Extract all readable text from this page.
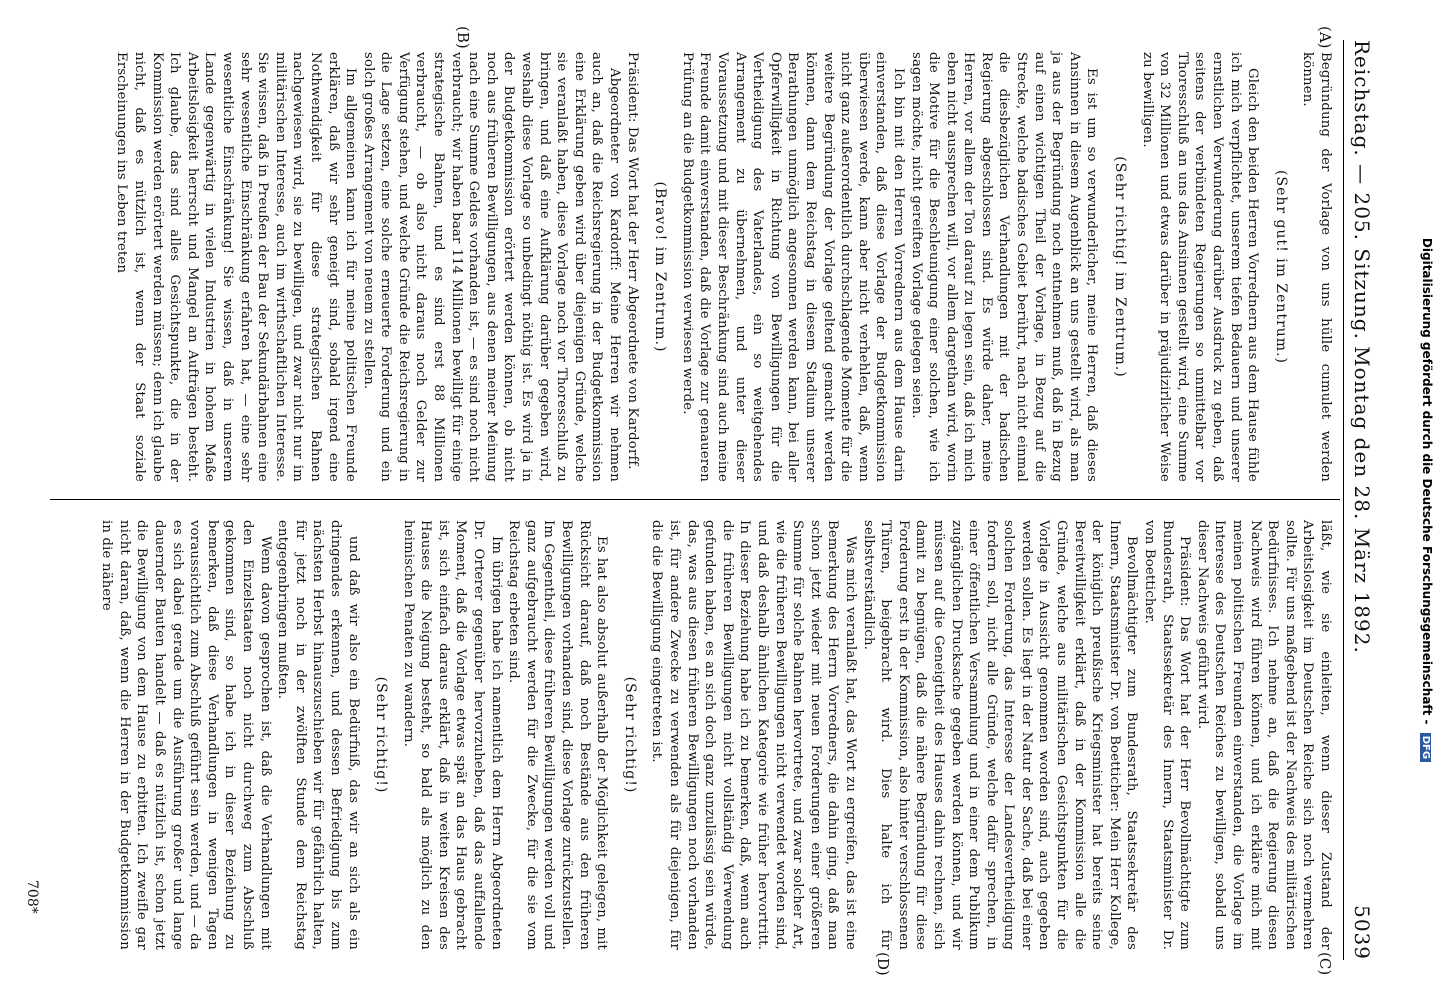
Digitalisierung gefördert durch die Deutsche Forschungsgemeinschaft - DFG
Reichstag. — 205. Sitzung.
Montag den 28. März 1892.
5039
(A)
(B)
(C)
(D)

Begründung der Vorlage von uns hülle cumulet werden können.

(Sehr gut! im Zentrum.)

Gleich den beiden Herren Vorrednern aus dem Hause fühle ich mich verpflichtet, unserem tiefen Bedauern und unserer ernstlichen Verwunderung darüber Ausdruck zu geben, daß seitens der verbündeten Regierungen so unmittelbar vor Thoresschluß an uns das Ansinnen gestellt wird, eine Summe von 32 Millionen und etwas darüber in präjudizirlicher Weise zu bewilligen.

(Sehr richtig! im Zentrum.)

Es ist um so verwunderlicher, meine Herren, daß dieses Ansinnen in diesem Augenblick an uns gestellt wird, als man ja aus der Begründung noch entnehmen muß, daß in Bezug auf einen wichtigen Theil der Vorlage, in Bezug auf die Strecke, welche badisches Gebiet berührt, nach nicht einmal die diesbezüglichen Verhandlungen mit der badischen Regierung abgeschlossen sind. Es würde daher, meine Herren, vor allem der Ton darauf zu legen sein, daß ich mich eben nicht aussprechen will, vor allem dargethan wird, worin die Motive für die Beschleunigung einer solchen, wie ich sagen möchte, nicht gereiften Vorlage gelegen seien.

Ich bin mit den Herren Vorrednern aus dem Hause darin einverstanden, daß diese Vorlage der Budgetkommission überwiesen werde, kann aber nicht verhehlen, daß, wenn nicht ganz außerordentlich durchschlagende Momente für die weitere Begründung der Vorlage geltend gemacht werden können, dann dem Reichstag in diesem Stadium unserer Berathungen unmöglich angesonnen werden kann, bei aller Opferwilligkeit in Richtung von Bewilligungen für die Vertheidigung des Vaterlandes, ein so weitgehendes Arrangement zu übernehmen, und unter dieser Voraussetzung und mit dieser Beschränkung sind auch meine Freunde damit einverstanden, daß die Vorlage zur genaueren Prüfung an die Budgetkommission verwiesen werde.

(Bravo! im Zentrum.)

Präsident: Das Wort hat der Herr Abgeordnete von Kardorff.

Abgeordneter von Kardorff: Meine Herren wir nehmen auch an, daß die Reichsregierung in der Budgetkommission eine Erklärung geben wird über diejenigen Gründe, welche sie veranlaßt haben, diese Vorlage noch vor Thoresschluß zu bringen, und daß eine Aufklärung darüber gegeben wird, weshalb diese Vorlage so unbedingt nöthig ist. Es wird ja in der Budgetkommission erörtert werden können, ob nicht noch aus früheren Bewilligungen, aus denen meiner Meinung nach eine Summe Geldes vorhanden ist, — es sind noch nicht verbraucht; wir haben baar 114 Millionen bewilligt für einige strategische Bahnen, und es sind erst 88 Millionen verbraucht, — ob also nicht daraus noch Gelder zur Verfügung stehen, und welche Gründe die Reichsregierung in die Lage setzen, eine solche erneuerte Forderung und ein solch großes Arrangement von neuem zu stellen.

Im allgemeinen kann ich für meine politischen Freunde erklären, daß wir sehr geneigt sind, sobald irgend eine Nothwendigkeit für diese strategischen Bahnen nachgewiesen wird, sie zu bewilligen, und zwar nicht nur im militärischen Interesse, auch im wirthschaftlichen Interesse. Sie wissen, daß in Preußen der Bau der Sekundärbahnen eine sehr wesentliche Einschränkung erfahren hat, — eine sehr wesentliche Einschränkung! Sie wissen, daß in unserem Lande gegenwärtig in vielen Industrien in hohem Maße Arbeitslosigkeit herrscht und Mangel an Aufträgen besteht. Ich glaube, das sind alles Gesichtspunkte, die in der Kommission werden erörtert werden müssen; denn ich glaube nicht, daß es nützlich ist, wenn der Staat soziale Erscheinungen ins Leben treten

läßt, wie sie einleiten, wenn dieser Zustand der Arbeitslosigkeit im Deutschen Reiche sich noch vermehren sollte. Für uns maßgebend ist der Nachweis des militärischen Bedürfnisses. Ich nehme an, daß die Regierung diesen Nachweis wird führen können, und ich erkläre mich mit meinen politischen Freunden einverstanden, die Vorlage im Interesse des Deutschen Reiches zu bewilligen, sobald uns dieser Nachweis geführt wird.

Präsident: Das Wort hat der Herr Bevollmächtigte zum Bundesrath, Staatssekretär des Innern, Staatsminister Dr. von Boetticher.

Bevollmächtigter zum Bundesrath, Staatssekretär des Innern, Staatsminister Dr. von Boetticher: Mein Herr Kollege, der königlich preußische Kriegsminister hat bereits seine Bereitwilligkeit erklärt, daß in der Kommission alle die Gründe, welche aus militärischen Gesichtspunkten für die Vorlage in Aussicht genommen worden sind, auch gegeben werden sollen. Es liegt in der Natur der Sache, daß bei einer solchen Forderung, das Interesse der Landesvertheidigung fordern soll, nicht alle Gründe, welche dafür sprechen, in einer öffentlichen Versammlung und in einer dem Publikum zugänglichen Drucksache gegeben werden können, und wir müssen auf die Geneigtheit des Hauses dahin rechnen, sich damit zu begnügen, daß die nähere Begründung für diese Forderung erst in der Kommission, also hinter verschlossenen Thüren, beigebracht wird. Dies halte ich für selbstverständlich.

Was mich veranlaßt hat, das Wort zu ergreifen, das ist eine Bemerkung des Herrn Vorredners, die dahin ging, daß man schon jetzt wieder mit neuen Forderungen einer größeren Summe für solche Bahnen hervortrete, und zwar solcher Art, wie die früheren Bewilligungen nicht verwendet worden sind, und daß deshalb ähnlichen Kategorie wie früher hervortritt. In dieser Beziehung habe ich zu bemerken, daß, wenn auch die früheren Bewilligungen nicht vollständig Verwendung gefunden haben, es an sich doch ganz unzulässig sein würde, das, was aus diesen früheren Bewilligungen noch vorhanden ist, für andere Zwecke zu verwenden als für diejenigen, für die die Bewilligung eingetreten ist.

(Sehr richtig!)

Es hat also absolut außerhalb der Möglichkeit gelegen, mit Rücksicht darauf, daß noch Bestände aus den früheren Bewilligungen vorhanden sind, diese Vorlage zurückzustellen. Im Gegentheil, diese früheren Bewilligungen werden voll und ganz aufgebraucht werden für die Zwecke, für die sie vom Reichstag erbeten sind.

Im übrigen habe ich namentlich dem Herrn Abgeordneten Dr. Orterer gegenüber hervorzuheben, daß das auffallende Moment, daß die Vorlage etwas spät an das Haus gebracht ist, sich einfach daraus erklärt, daß in weiten Kreisen des Hauses die Neigung besteht, so bald als möglich zu den heimischen Penaten zu wandern.

(Sehr richtig!)

und daß wir also ein Bedürfniß, das wir an sich als ein dringendes erkennen, und dessen Befriedigung bis zum nächsten Herbst hinauszuschieben wir für gefährlich halten, für jetzt noch in der zwölften Stunde dem Reichstag entgegenbringen mußten.

Wenn davon gesprochen ist, daß die Verhandlungen mit den Einzelstaaten noch nicht durchweg zum Abschluß gekommen sind, so habe ich in dieser Beziehung zu bemerken, daß diese Verhandlungen in wenigen Tagen voraussichtlich zum Abschluß geführt sein werden, und — da es sich dabei gerade um die Ausführung großer und lange dauernder Bauten handelt — daß es nützlich ist, schon jetzt die Bewilligung von dem Hause zu erbitten. Ich zweifle gar nicht daran, daß, wenn die Herren in der Budgetkommission in die nähere

708*
